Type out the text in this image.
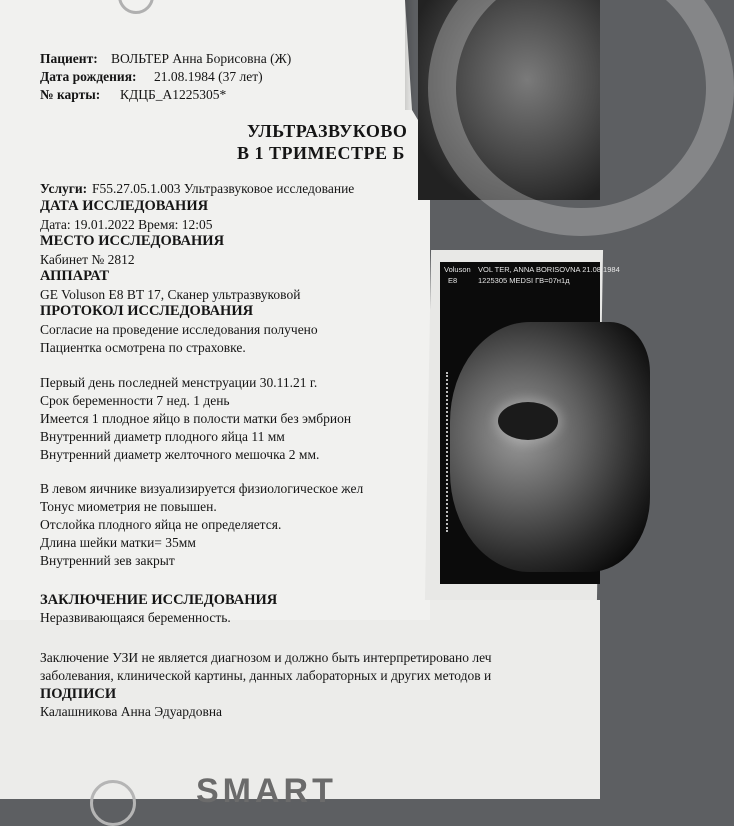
Voluson VOL TER, ANNA BORISOVNA 21.08.1984
1225305 MEDSI ГВ=07н1д
E8
Пациент: ВОЛЬТЕР Анна Борисовна (Ж)
Дата рождения: 21.08.1984 (37 лет)
№ карты: КДЦБ_А1225305*
УЛЬТРАЗВУКОВО
В 1 ТРИМЕСТРЕ Б
Услуги: F55.27.05.1.003 Ультразвуковое исследование
ДАТА ИССЛЕДОВАНИЯ
Дата: 19.01.2022 Время: 12:05
МЕСТО ИССЛЕДОВАНИЯ
Кабинет № 2812
АППАРАТ
GE Voluson E8 BT 17, Сканер ультразвуковой
ПРОТОКОЛ ИССЛЕДОВАНИЯ
Согласие на проведение исследования получено
Пациентка осмотрена по страховке.
Первый день последней менструации 30.11.21 г.
Срок беременности 7 нед. 1 день
Имеется 1 плодное яйцо в полости матки без эмбрион
Внутренний диаметр плодного яйца 11 мм
Внутренний диаметр желточного мешочка 2 мм.
В левом яичнике визуализируется физиологическое жел
Тонус миометрия не повышен.
Отслойка плодного яйца не определяется.
Длина шейки матки= 35мм
Внутренний зев закрыт
ЗАКЛЮЧЕНИЕ ИССЛЕДОВАНИЯ
Неразвивающаяся беременность.
Заключение УЗИ не является диагнозом и должно быть интерпретировано леч
заболевания, клинической картины, данных лабораторных и других методов и
ПОДПИСИ
Калашникова Анна Эдуардовна
SMART
